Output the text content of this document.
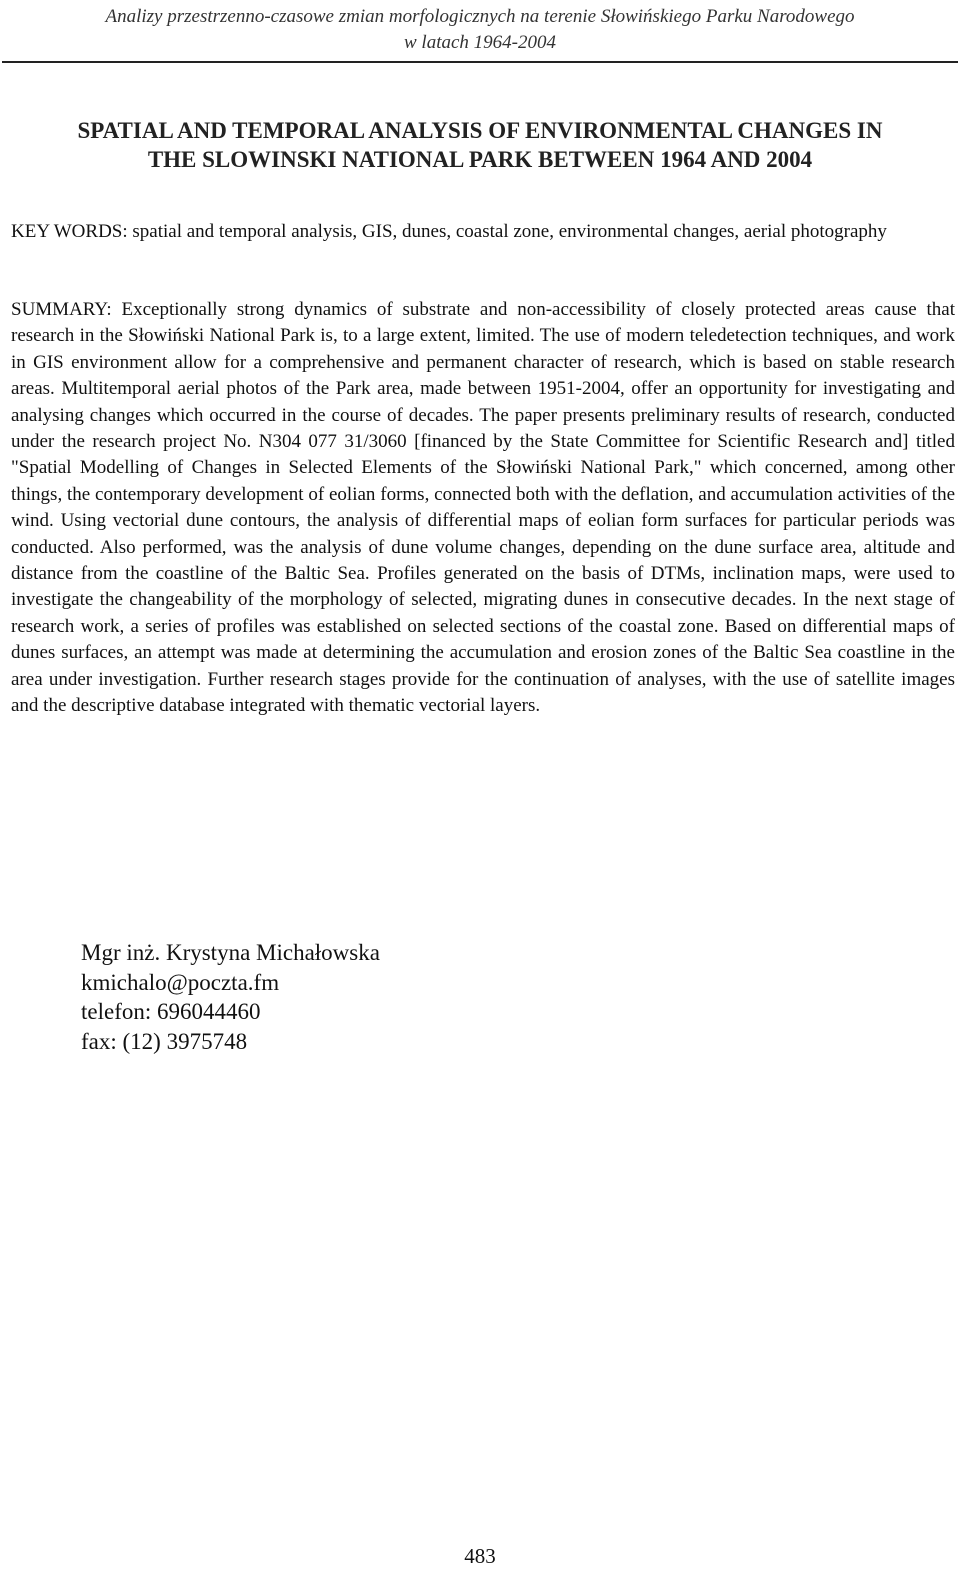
Analizy przestrzenno-czasowe zmian morfologicznych na terenie Słowińskiego Parku Narodowego
w latach 1964-2004
SPATIAL AND TEMPORAL ANALYSIS OF ENVIRONMENTAL CHANGES IN
THE SLOWINSKI NATIONAL PARK BETWEEN 1964 AND 2004

KEY WORDS: spatial and temporal analysis, GIS, dunes, coastal zone, environmental changes, aerial photography

SUMMARY: Exceptionally strong dynamics of substrate and non-accessibility of closely protected areas cause that research in the Słowiński National Park is, to a large extent, limited. The use of modern teledetection techniques, and work in GIS environment allow for a comprehensive and permanent character of research, which is based on stable research areas. Multitemporal aerial photos of the Park area, made between 1951-2004, offer an opportunity for investigating and analysing changes which occurred in the course of decades. The paper presents preliminary results of research, conducted under the research project No. N304 077 31/3060 [financed by the State Committee for Scientific Research and] titled "Spatial Modelling of Changes in Selected Elements of the Słowiński National Park," which concerned, among other things, the contemporary development of eolian forms, connected both with the deflation, and accumulation activities of the wind. Using vectorial dune contours, the analysis of differential maps of eolian form surfaces for particular periods was conducted. Also performed, was the analysis of dune volume changes, depending on the dune surface area, altitude and distance from the coastline of the Baltic Sea. Profiles generated on the basis of DTMs, inclination maps, were used to investigate the changeability of the morphology of selected, migrating dunes in consecutive decades. In the next stage of research work, a series of profiles was established on selected sections of the coastal zone. Based on differential maps of dunes surfaces, an attempt was made at determining the accumulation and erosion zones of the Baltic Sea coastline in the area under investigation. Further research stages provide for the continuation of analyses, with the use of satellite images and the descriptive database integrated with thematic vectorial layers.

Mgr inż. Krystyna Michałowska
kmichalo@poczta.fm
telefon: 696044460
fax: (12) 3975748
483
